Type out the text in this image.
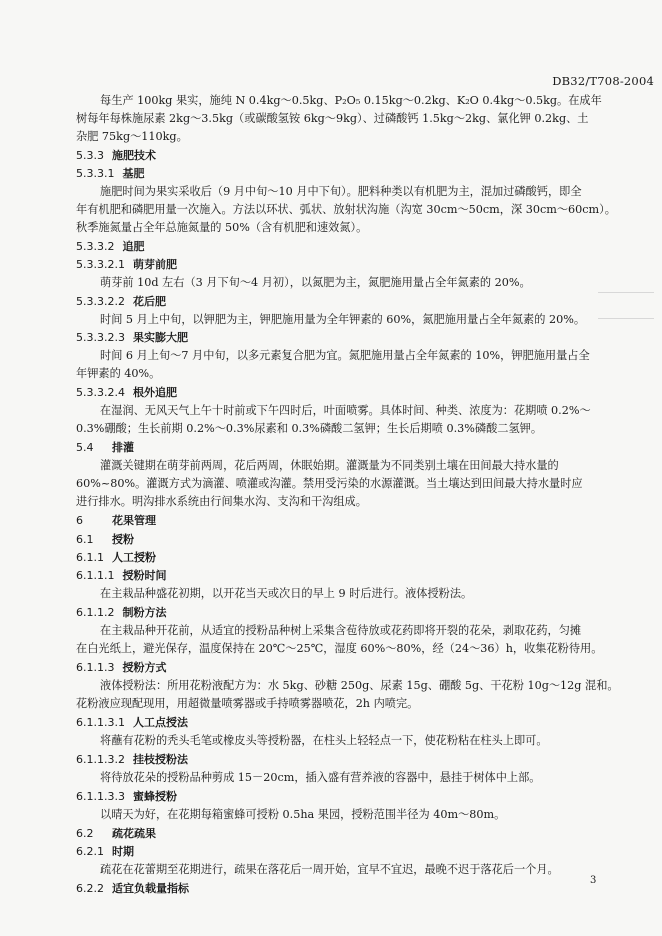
DB32/T708-2004
每生产 100kg 果实，施纯 N 0.4kg～0.5kg、P₂O₅ 0.15kg～0.2kg、K₂O 0.4kg～0.5kg。在成年
树每年每株施尿素 2kg～3.5kg（或碳酸氢铵 6kg～9kg）、过磷酸钙 1.5kg～2kg、氯化钾 0.2kg、土
杂肥 75kg～110kg。
5.3.3 施肥技术
5.3.3.1 基肥
施肥时间为果实采收后（9 月中旬～10 月中下旬）。肥料种类以有机肥为主，混加过磷酸钙，即全
年有机肥和磷肥用量一次施入。方法以环状、弧状、放射状沟施（沟宽 30cm～50cm，深 30cm～60cm）。
秋季施氮量占全年总施氮量的 50%（含有机肥和速效氮）。
5.3.3.2 追肥
5.3.3.2.1 萌芽前肥
萌芽前 10d 左右（3 月下旬～4 月初），以氮肥为主，氮肥施用量占全年氮素的 20%。
5.3.3.2.2 花后肥
时间 5 月上中旬，以钾肥为主，钾肥施用量为全年钾素的 60%，氮肥施用量占全年氮素的 20%。
5.3.3.2.3 果实膨大肥
时间 6 月上旬～7 月中旬，以多元素复合肥为宜。氮肥施用量占全年氮素的 10%，钾肥施用量占全
年钾素的 40%。
5.3.3.2.4 根外追肥
在湿润、无风天气上午十时前或下午四时后，叶面喷雾。具体时间、种类、浓度为：花期喷 0.2%～
0.3%硼酸；生长前期 0.2%～0.3%尿素和 0.3%磷酸二氢钾；生长后期喷 0.3%磷酸二氢钾。
5.4 排灌
灌溉关键期在萌芽前两周，花后两周，休眠始期。灌溉量为不同类别土壤在田间最大持水量的
60%~80%。灌溉方式为滴灌、喷灌或沟灌。禁用受污染的水源灌溉。当土壤达到田间最大持水量时应
进行排水。明沟排水系统由行间集水沟、支沟和干沟组成。
6	花果管理
6.1 授粉
6.1.1 人工授粉
6.1.1.1 授粉时间
在主栽品种盛花初期，以开花当天或次日的早上 9 时后进行。液体授粉法。
6.1.1.2 制粉方法
在主栽品种开花前，从适宜的授粉品种树上采集含苞待放或花药即将开裂的花朵，剥取花药，匀摊
在白光纸上，避光保存，温度保持在 20℃～25℃，湿度 60%～80%，经（24～36）h，收集花粉待用。
6.1.1.3 授粉方式
液体授粉法：所用花粉液配方为：水 5kg、砂糖 250g、尿素 15g、硼酸 5g、干花粉 10g～12g 混和。
花粉液应现配现用，用超微量喷雾器或手持喷雾器喷花，2h 内喷完。
6.1.1.3.1 人工点授法
将蘸有花粉的秃头毛笔或橡皮头等授粉器，在柱头上轻轻点一下，使花粉粘在柱头上即可。
6.1.1.3.2 挂枝授粉法
将待放花朵的授粉品种剪成 15－20cm，插入盛有营养液的容器中，悬挂于树体中上部。
6.1.1.3.3 蜜蜂授粉
以晴天为好，在花期每箱蜜蜂可授粉 0.5ha 果园，授粉范围半径为 40m～80m。
6.2 疏花疏果
6.2.1 时期
疏花在花蕾期至花期进行，疏果在落花后一周开始，宜早不宜迟，最晚不迟于落花后一个月。
6.2.2 适宜负载量指标
3
